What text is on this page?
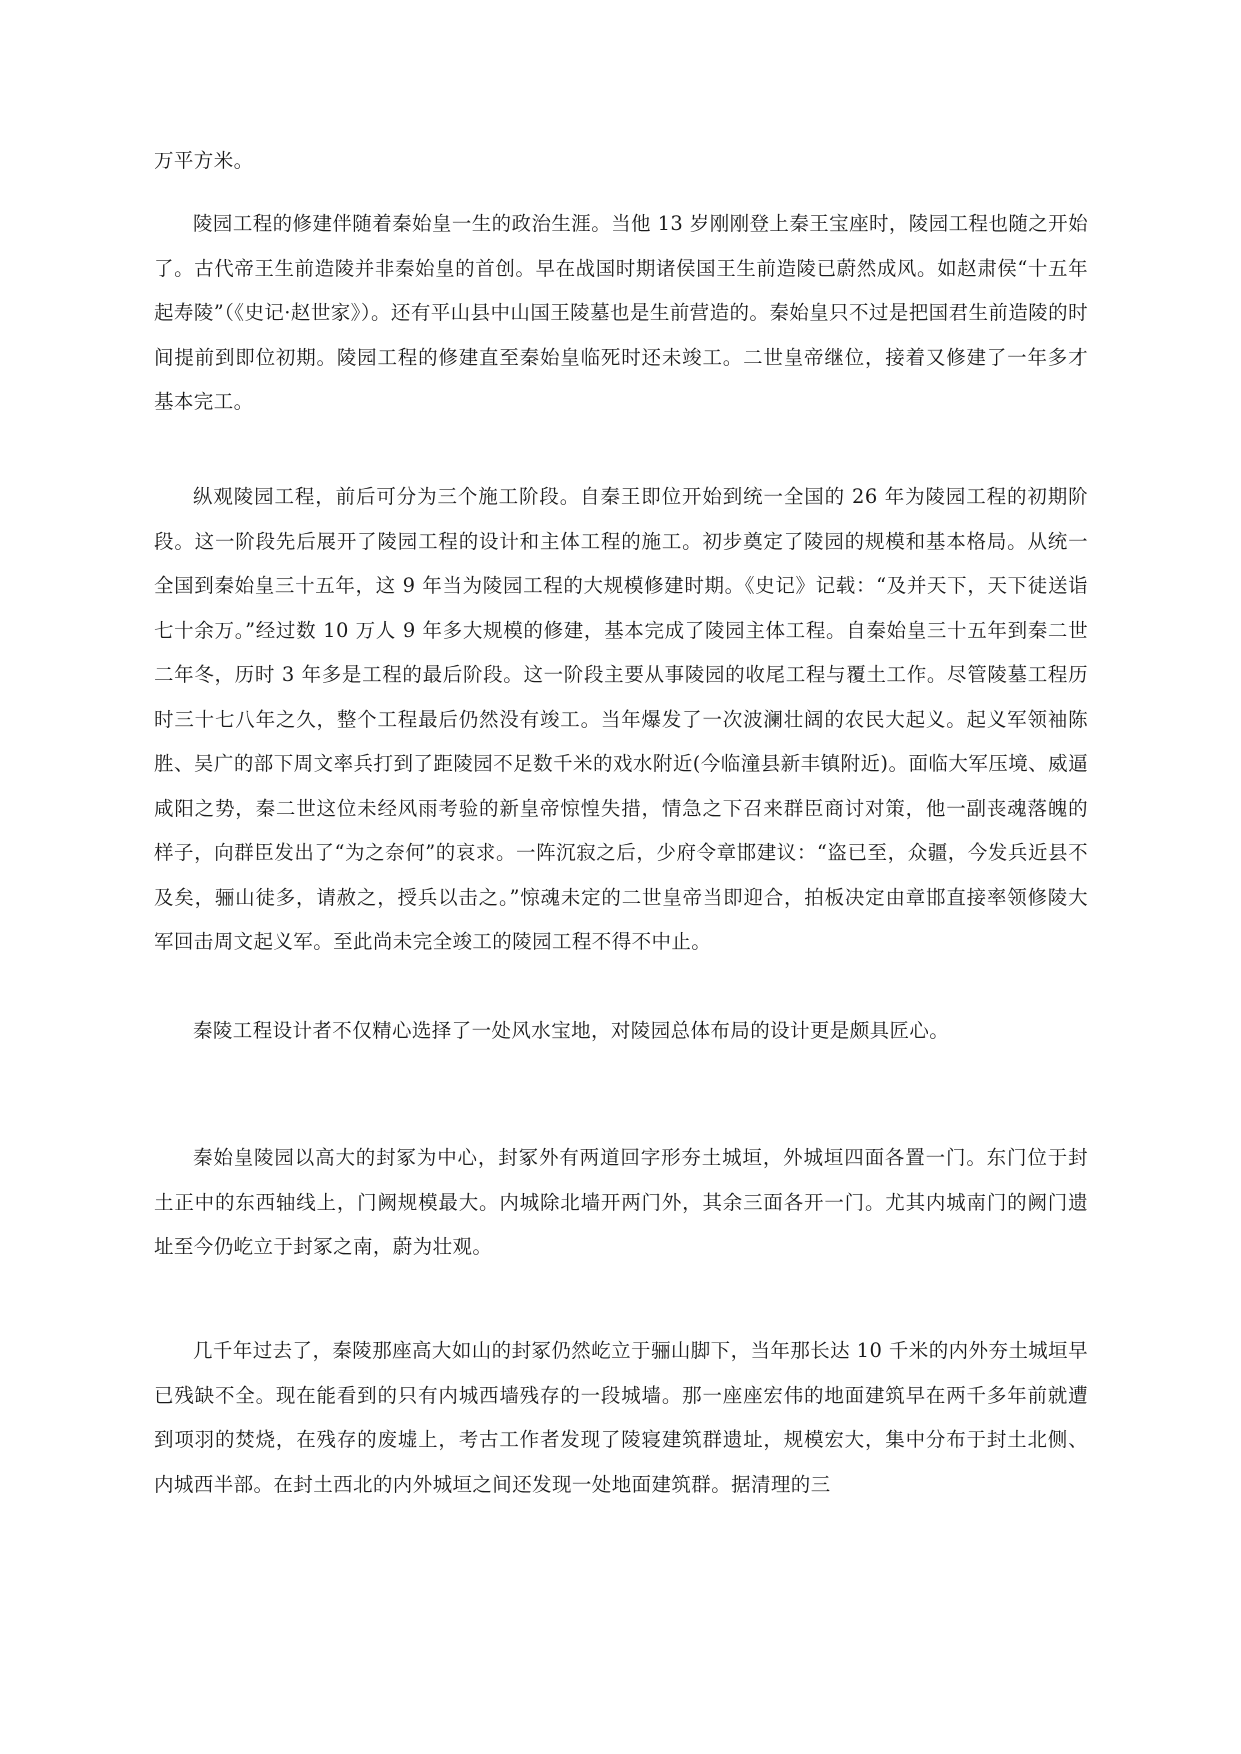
万平方米。

陵园工程的修建伴随着秦始皇一生的政治生涯。当他 13 岁刚刚登上秦王宝座时，陵园工程也随之开始了。古代帝王生前造陵并非秦始皇的首创。早在战国时期诸侯国王生前造陵已蔚然成风。如赵肃侯“十五年起寿陵”（《史记·赵世家》）。还有平山县中山国王陵墓也是生前营造的。秦始皇只不过是把国君生前造陵的时间提前到即位初期。陵园工程的修建直至秦始皇临死时还未竣工。二世皇帝继位，接着又修建了一年多才基本完工。

纵观陵园工程，前后可分为三个施工阶段。自秦王即位开始到统一全国的 26 年为陵园工程的初期阶段。这一阶段先后展开了陵园工程的设计和主体工程的施工。初步奠定了陵园的规模和基本格局。从统一全国到秦始皇三十五年，这 9 年当为陵园工程的大规模修建时期。《史记》记载：“及并天下，天下徒送诣七十余万。”经过数 10 万人 9 年多大规模的修建，基本完成了陵园主体工程。自秦始皇三十五年到秦二世二年冬，历时 3 年多是工程的最后阶段。这一阶段主要从事陵园的收尾工程与覆土工作。尽管陵墓工程历时三十七八年之久，整个工程最后仍然没有竣工。当年爆发了一次波澜壮阔的农民大起义。起义军领袖陈胜、吴广的部下周文率兵打到了距陵园不足数千米的戏水附近(今临潼县新丰镇附近)。面临大军压境、威逼咸阳之势，秦二世这位未经风雨考验的新皇帝惊惶失措，情急之下召来群臣商讨对策，他一副丧魂落魄的样子，向群臣发出了“为之奈何”的哀求。一阵沉寂之后，少府令章邯建议：“盗已至，众疆，今发兵近县不及矣，骊山徒多，请赦之，授兵以击之。”惊魂未定的二世皇帝当即迎合，拍板决定由章邯直接率领修陵大军回击周文起义军。至此尚未完全竣工的陵园工程不得不中止。

秦陵工程设计者不仅精心选择了一处风水宝地，对陵园总体布局的设计更是颇具匠心。

秦始皇陵园以高大的封冢为中心，封冢外有两道回字形夯土城垣，外城垣四面各置一门。东门位于封土正中的东西轴线上，门阙规模最大。内城除北墙开两门外，其余三面各开一门。尤其内城南门的阙门遗址至今仍屹立于封冢之南，蔚为壮观。

几千年过去了，秦陵那座高大如山的封冢仍然屹立于骊山脚下，当年那长达 10 千米的内外夯土城垣早已残缺不全。现在能看到的只有内城西墙残存的一段城墙。那一座座宏伟的地面建筑早在两千多年前就遭到项羽的焚烧，在残存的废墟上，考古工作者发现了陵寝建筑群遗址，规模宏大，集中分布于封土北侧、内城西半部。在封土西北的内外城垣之间还发现一处地面建筑群。据清理的三
